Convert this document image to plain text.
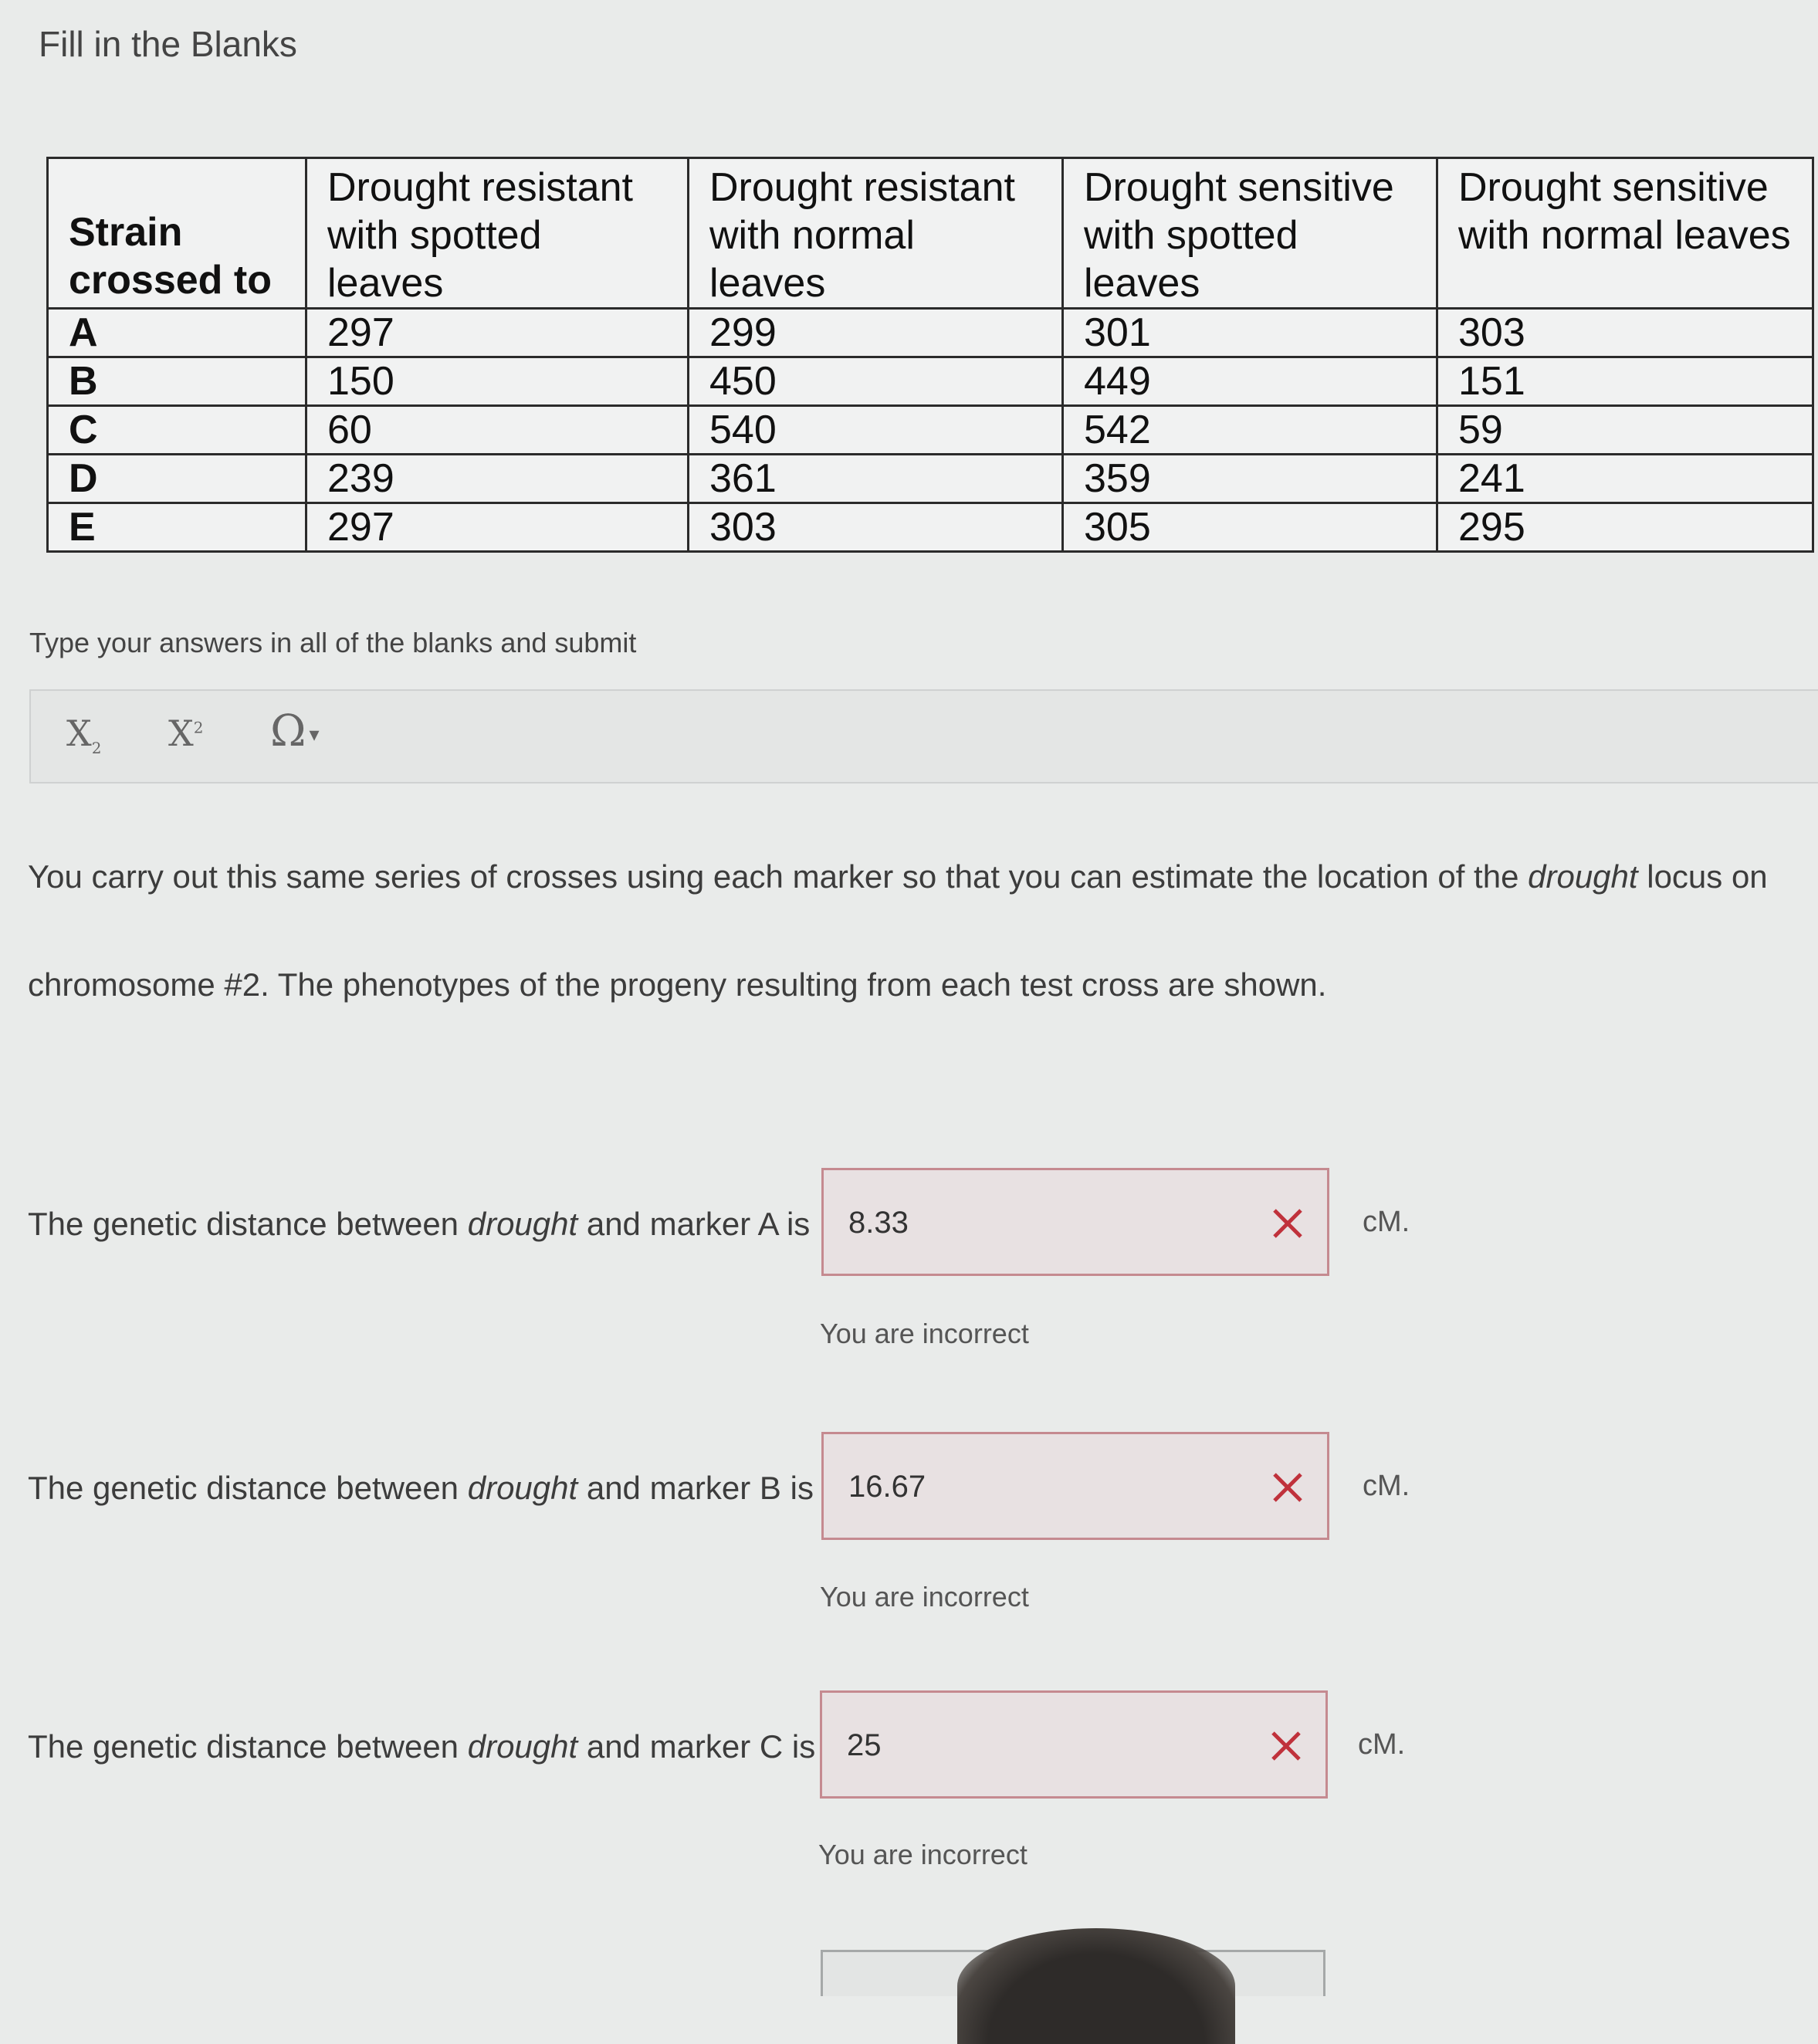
Fill in the Blanks
Strain crossed to	Drought resistant with spotted leaves	Drought resistant with normal leaves	Drought sensitive with spotted leaves	Drought sensitive with normal leaves
A	297	299	301	303
B	150	450	449	151
C	60	540	542	59
D	239	361	359	241
E	297	303	305	295
Type your answers in all of the blanks and submit
$X_2$ $X^2$ Ω ▾
You carry out this same series of crosses using each marker so that you can estimate the location of the drought locus on chromosome #2. The phenotypes of the progeny resulting from each test cross are shown.
The genetic distance between drought and marker A is
8.33	cM.
You are incorrect
The genetic distance between drought and marker B is
16.67	cM.
You are incorrect
The genetic distance between drought and marker C is
25	cM.
You are incorrect
